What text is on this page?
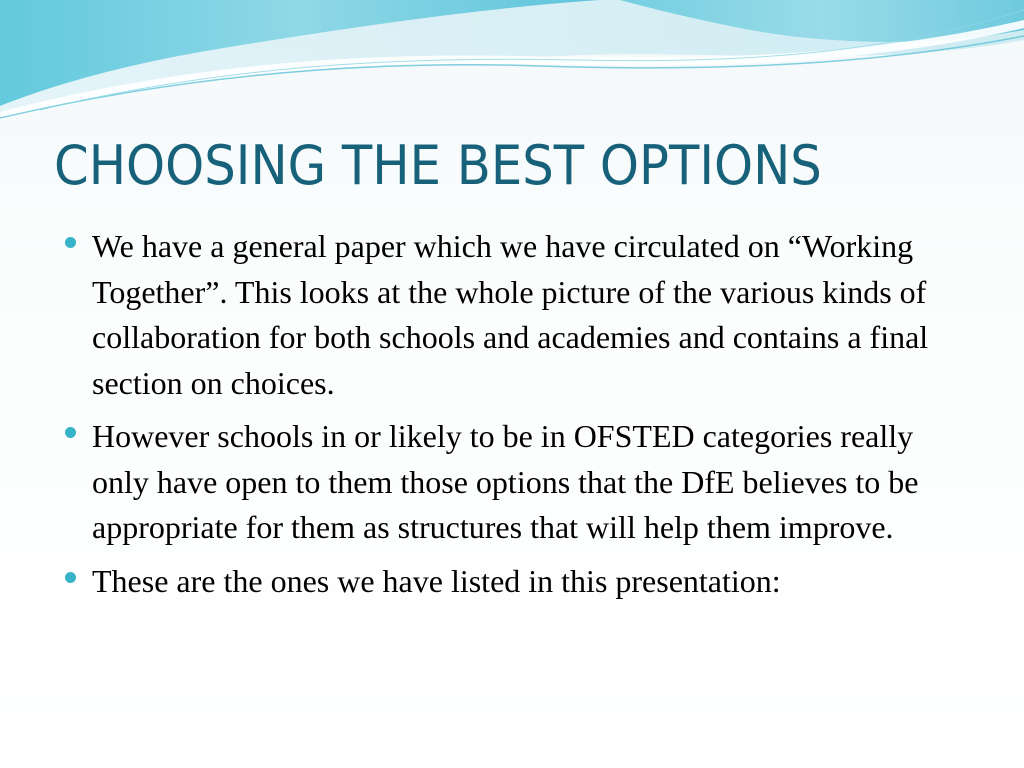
CHOOSING THE BEST OPTIONS
We have a general paper which we have circulated on “Working Together”. This looks at the whole picture of the various kinds of collaboration for both schools and academies and contains a final section on choices.
However schools in or likely to be in OFSTED categories really only have open to them those options that the DfE believes to be appropriate for them as structures that will help them improve.
These are the ones we have listed in this presentation:
